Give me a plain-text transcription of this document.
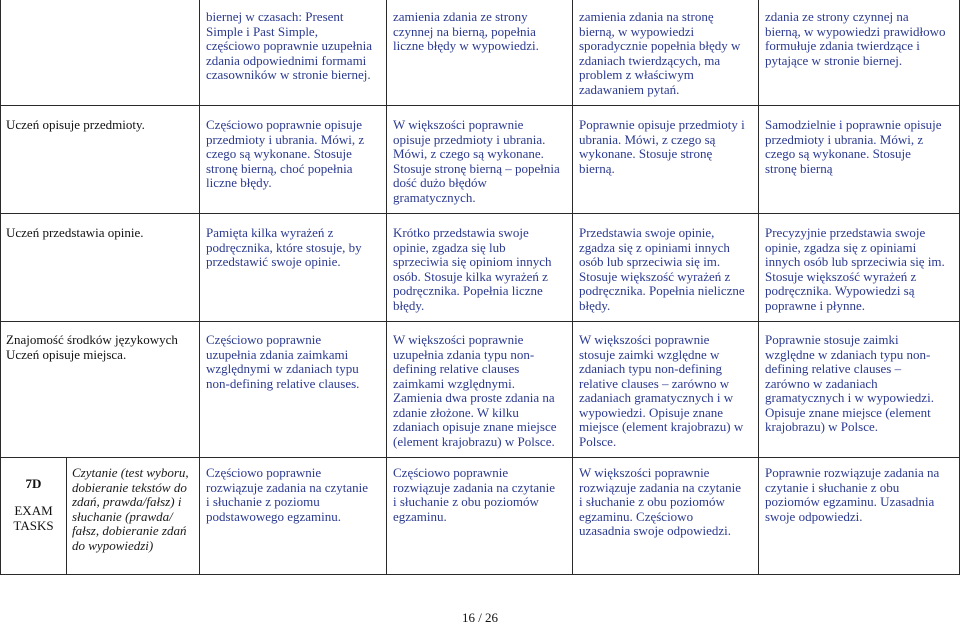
biernej w czasach: Present
Simple i Past Simple,
częściowo poprawnie uzupełnia
zdania odpowiednimi formami
czasowników w stronie biernej.
zamienia zdania ze strony
czynnej na bierną, popełnia
liczne błędy w wypowiedzi.
zamienia zdania na stronę
bierną, w wypowiedzi
sporadycznie popełnia błędy w
zdaniach twierdzących, ma
problem z właściwym
zadawaniem pytań.
zdania ze strony czynnej na
bierną, w wypowiedzi prawidłowo
formułuje zdania twierdzące i
pytające w stronie biernej.
Uczeń opisuje przedmioty.	Częściowo poprawnie opisuje
przedmioty i ubrania. Mówi, z
czego są wykonane. Stosuje
stronę bierną, choć popełnia
liczne błędy.
W większości poprawnie
opisuje przedmioty i ubrania.
Mówi, z czego są wykonane.
Stosuje stronę bierną – popełnia
dość dużo błędów
gramatycznych.
Poprawnie opisuje przedmioty i
ubrania. Mówi, z czego są
wykonane. Stosuje stronę
bierną.
Samodzielnie i poprawnie opisuje
przedmioty i ubrania. Mówi, z
czego są wykonane. Stosuje
stronę bierną
Uczeń przedstawia opinie.	Pamięta kilka wyrażeń z
podręcznika, które stosuje, by
przedstawić swoje opinie.
Krótko przedstawia swoje
opinie, zgadza się lub
sprzeciwia się opiniom innych
osób. Stosuje kilka wyrażeń z
podręcznika. Popełnia liczne
błędy.
Przedstawia swoje opinie,
zgadza się z opiniami innych
osób lub sprzeciwia się im.
Stosuje większość wyrażeń z
podręcznika. Popełnia nieliczne
błędy.
Precyzyjnie przedstawia swoje
opinie, zgadza się z opiniami
innych osób lub sprzeciwia się im.
Stosuje większość wyrażeń z
podręcznika. Wypowiedzi są
poprawne i płynne.
Znajomość środków językowych
Uczeń opisuje miejsca.
Częściowo poprawnie
uzupełnia zdania zaimkami
względnymi w zdaniach typu
non-defining relative clauses.
W większości poprawnie
uzupełnia zdania typu non-
defining relative clauses
zaimkami względnymi.
Zamienia dwa proste zdania na
zdanie złożone. W kilku
zdaniach opisuje znane miejsce
(element krajobrazu) w Polsce.
W większości poprawnie
stosuje zaimki względne w
zdaniach typu non-defining
relative clauses – zarówno w
zadaniach gramatycznych i w
wypowiedzi. Opisuje znane
miejsce (element krajobrazu) w
Polsce.
Poprawnie stosuje zaimki
względne w zdaniach typu non-
defining relative clauses –
zarówno w zadaniach
gramatycznych i w wypowiedzi.
Opisuje znane miejsce (element
krajobrazu) w Polsce.
7D
EXAM
TASKS
Czytanie (test wyboru,
dobieranie tekstów do
zdań, prawda/fałsz) i
słuchanie (prawda/
fałsz, dobieranie zdań
do wypowiedzi)
Częściowo poprawnie
rozwiązuje zadania na czytanie
i słuchanie z poziomu
podstawowego egzaminu.
Częściowo poprawnie
rozwiązuje zadania na czytanie
i słuchanie z obu poziomów
egzaminu.
W większości poprawnie
rozwiązuje zadania na czytanie
i słuchanie z obu poziomów
egzaminu. Częściowo
uzasadnia swoje odpowiedzi.
Poprawnie rozwiązuje zadania na
czytanie i słuchanie z obu
poziomów egzaminu. Uzasadnia
swoje odpowiedzi.
16 / 26
